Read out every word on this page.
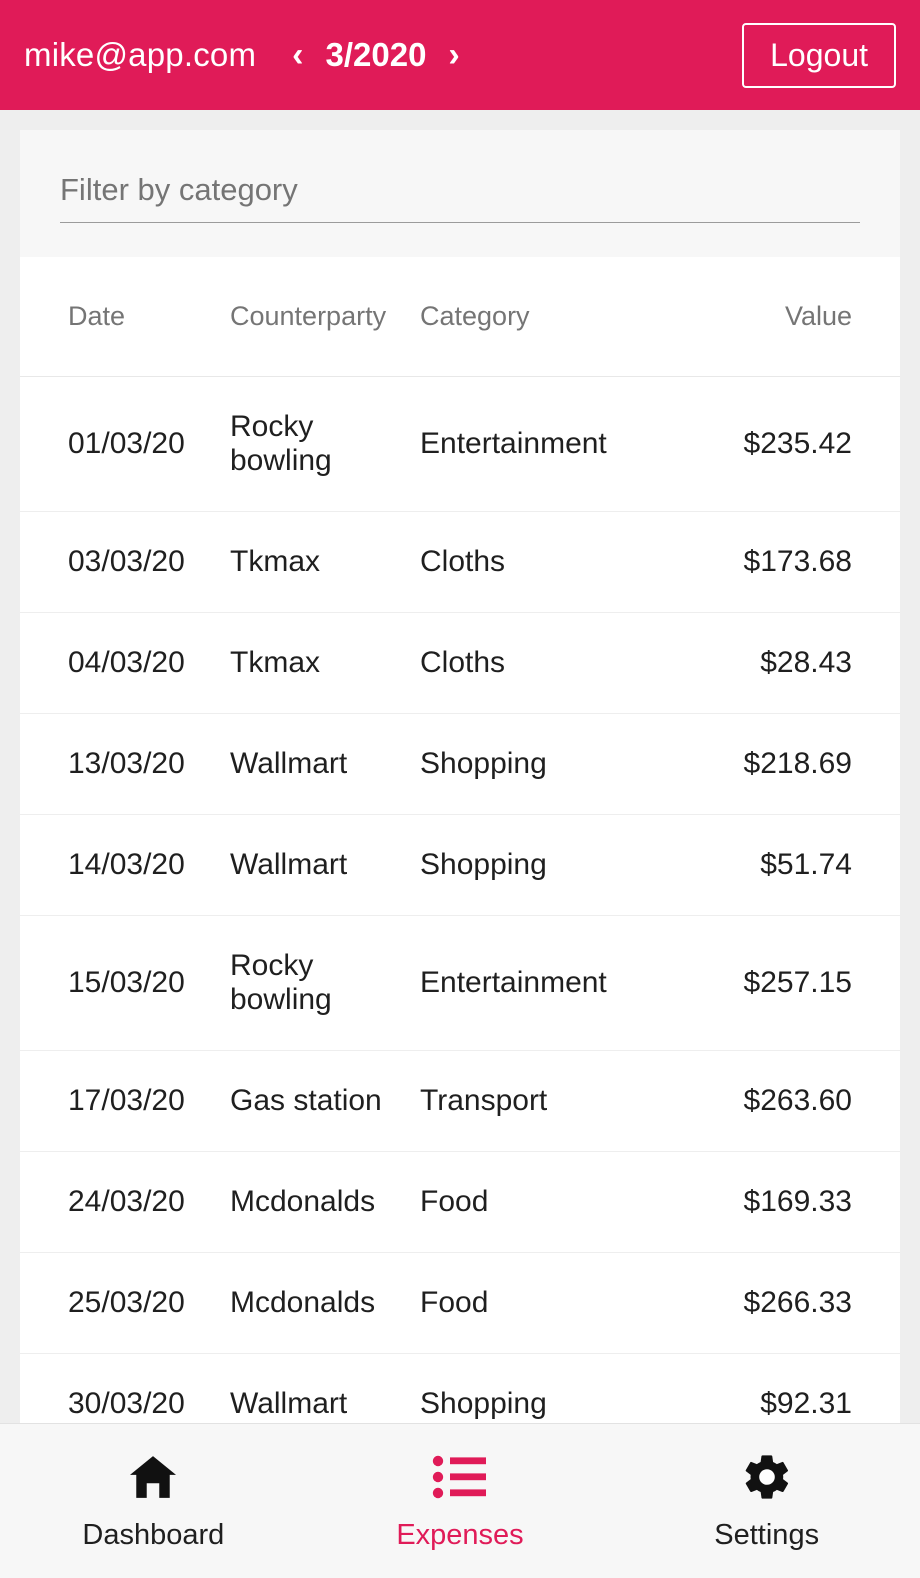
mike@app.com ‹ 3/2020 ›	Logout
Filter by category
Date	Counterparty	Category	Value
01/03/20	Rocky bowling	Entertainment	$235.42
03/03/20	Tkmax	Cloths	$173.68
04/03/20	Tkmax	Cloths	$28.43
13/03/20	Wallmart	Shopping	$218.69
14/03/20	Wallmart	Shopping	$51.74
15/03/20	Rocky bowling	Entertainment	$257.15
17/03/20	Gas station	Transport	$263.60
24/03/20	Mcdonalds	Food	$169.33
25/03/20	Mcdonalds	Food	$266.33
30/03/20	Wallmart	Shopping	$92.31
Dashboard	Expenses	Settings
